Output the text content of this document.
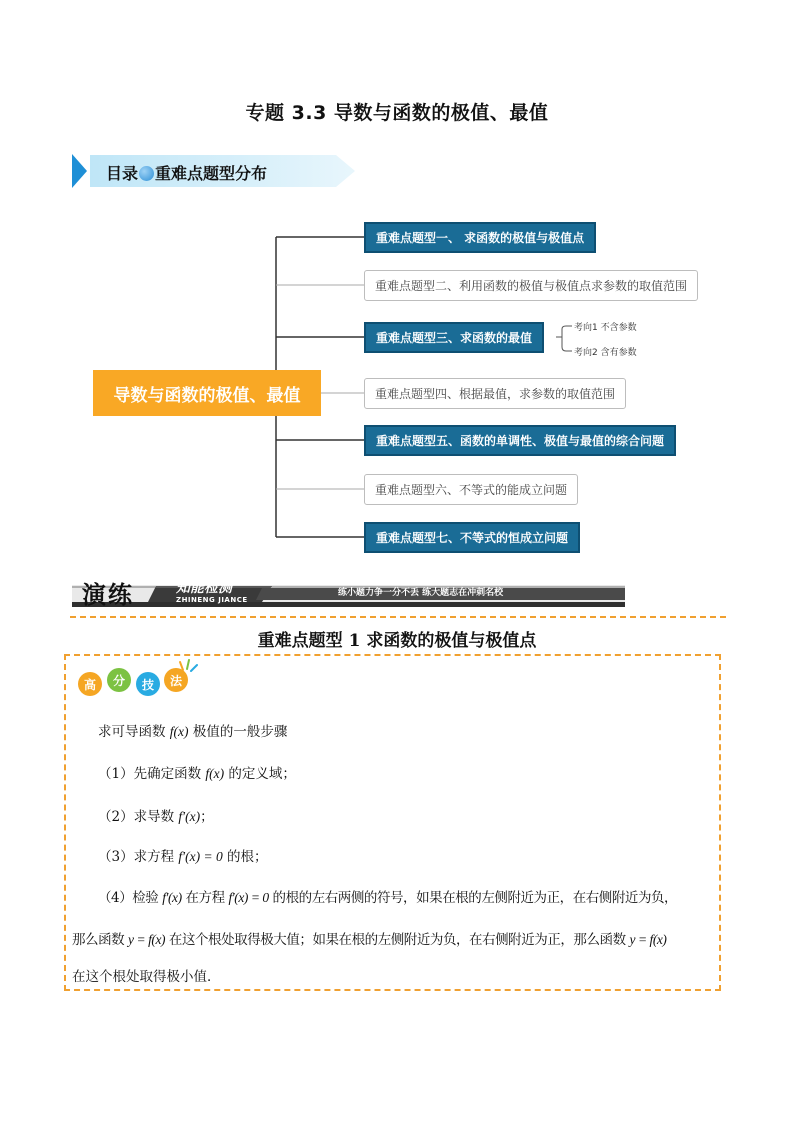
专题 3.3 导数与函数的极值、最值
目录 重难点题型分布
导数与函数的极值、最值
重难点题型一、 求函数的极值与极值点
重难点题型二、利用函数的极值与极值点求参数的取值范围
重难点题型三、求函数的最值
重难点题型四、根据最值，求参数的取值范围
重难点题型五、函数的单调性、极值与最值的综合问题
重难点题型六、不等式的能成立问题
重难点题型七、不等式的恒成立问题
考向1 不含参数
考向2 含有参数
演练	知能检测
ZHINENG JIANCE
练小题力争一分不丢 练大题志在冲刺名校
重难点题型 1 求函数的极值与极值点
高	分	技	法
求可导函数 f(x) 极值的一般步骤
（1）先确定函数 f(x) 的定义域；
（2）求导数 f′(x)；
（3）求方程 f′(x) = 0 的根；
（4）检验 f′(x) 在方程 f′(x) = 0 的根的左右两侧的符号，如果在根的左侧附近为正，在右侧附近为负，
那么函数 y = f(x) 在这个根处取得极大值；如果在根的左侧附近为负，在右侧附近为正，那么函数 y = f(x)
在这个根处取得极小值．
